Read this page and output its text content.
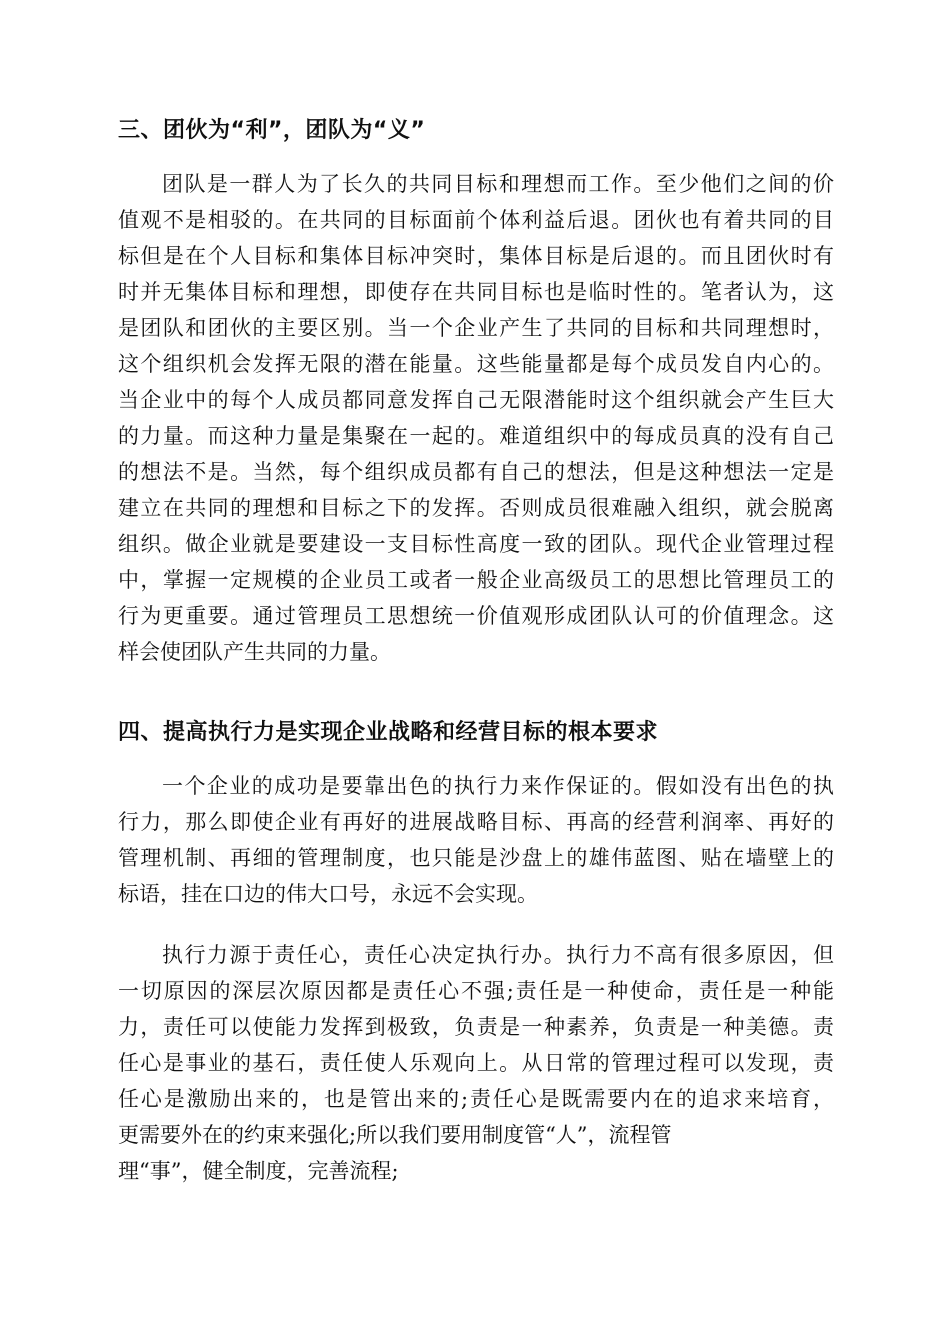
三、团伙为“利”，团队为“义”
团队是一群人为了长久的共同目标和理想而工作。至少他们之间的价
值观不是相驳的。在共同的目标面前个体利益后退。团伙也有着共同的目
标但是在个人目标和集体目标冲突时，集体目标是后退的。而且团伙时有
时并无集体目标和理想，即使存在共同目标也是临时性的。笔者认为，这
是团队和团伙的主要区别。当一个企业产生了共同的目标和共同理想时，
这个组织机会发挥无限的潜在能量。这些能量都是每个成员发自内心的。
当企业中的每个人成员都同意发挥自己无限潜能时这个组织就会产生巨大
的力量。而这种力量是集聚在一起的。难道组织中的每成员真的没有自己
的想法不是。当然，每个组织成员都有自己的想法，但是这种想法一定是
建立在共同的理想和目标之下的发挥。否则成员很难融入组织，就会脱离
组织。做企业就是要建设一支目标性高度一致的团队。现代企业管理过程
中，掌握一定规模的企业员工或者一般企业高级员工的思想比管理员工的
行为更重要。通过管理员工思想统一价值观形成团队认可的价值理念。这
样会使团队产生共同的力量。
四、提高执行力是实现企业战略和经营目标的根本要求
一个企业的成功是要靠出色的执行力来作保证的。假如没有出色的执
行力，那么即使企业有再好的进展战略目标、再高的经营利润率、再好的
管理机制、再细的管理制度，也只能是沙盘上的雄伟蓝图、贴在墙壁上的
标语，挂在口边的伟大口号，永远不会实现。
执行力源于责任心，责任心决定执行办。执行力不高有很多原因，但
一切原因的深层次原因都是责任心不强;责任是一种使命，责任是一种能
力，责任可以使能力发挥到极致，负责是一种素养，负责是一种美德。责
任心是事业的基石，责任使人乐观向上。从日常的管理过程可以发现，责
任心是激励出来的，也是管出来的;责任心是既需要内在的追求来培育，
更需要外在的约束来强化;所以我们要用制度管“人”，流程管
理“事”，健全制度，完善流程;
